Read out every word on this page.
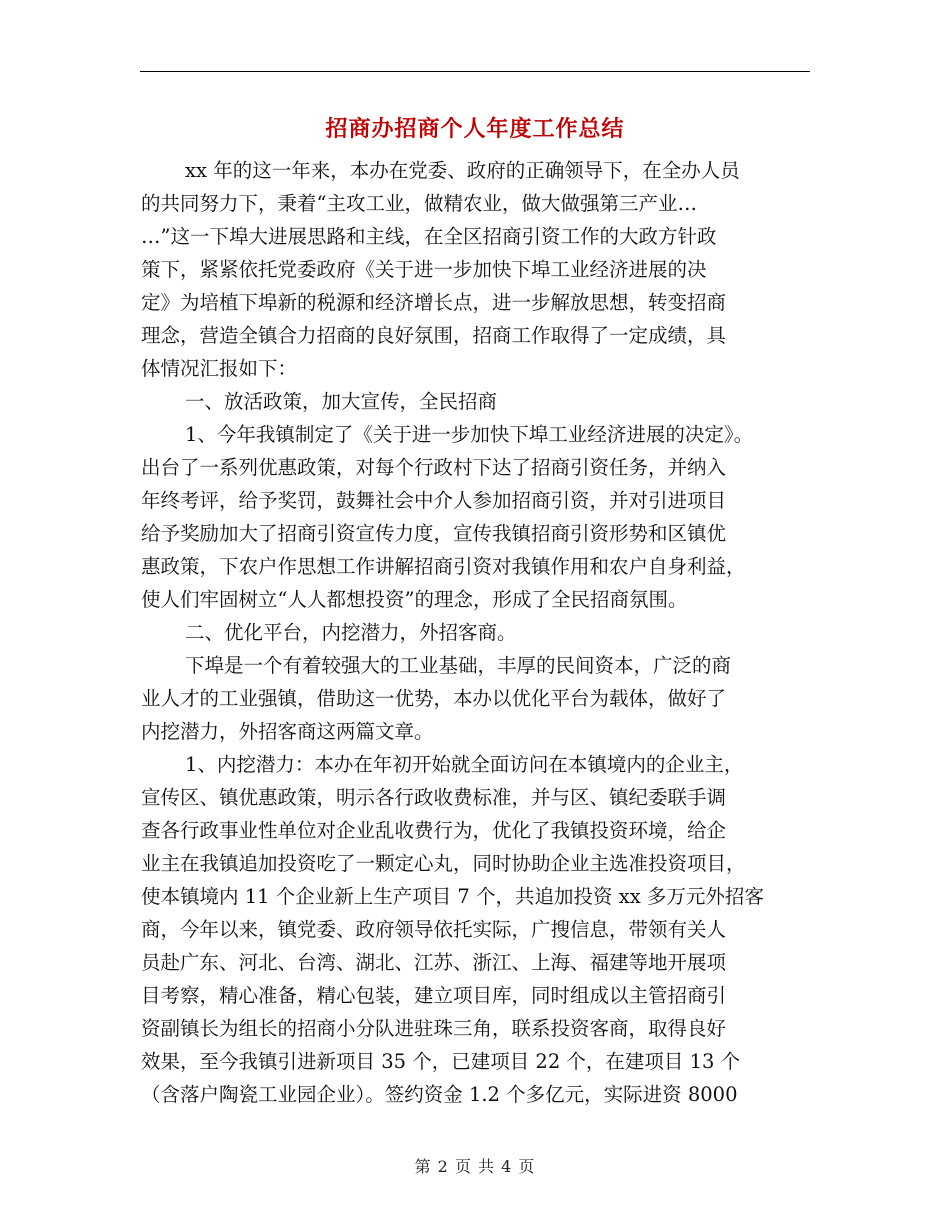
招商办招商个人年度工作总结
xx 年的这一年来，本办在党委、政府的正确领导下，在全办人员
的共同努力下，秉着“主攻工业，做精农业，做大做强第三产业…
…”这一下埠大进展思路和主线，在全区招商引资工作的大政方针政
策下，紧紧依托党委政府《关于进一步加快下埠工业经济进展的决
定》为培植下埠新的税源和经济增长点，进一步解放思想，转变招商
理念，营造全镇合力招商的良好氛围，招商工作取得了一定成绩，具
体情况汇报如下：
一、放活政策，加大宣传，全民招商
1、今年我镇制定了《关于进一步加快下埠工业经济进展的决定》。
出台了一系列优惠政策，对每个行政村下达了招商引资任务，并纳入
年终考评，给予奖罚，鼓舞社会中介人参加招商引资，并对引进项目
给予奖励加大了招商引资宣传力度，宣传我镇招商引资形势和区镇优
惠政策，下农户作思想工作讲解招商引资对我镇作用和农户自身利益，
使人们牢固树立“人人都想投资”的理念，形成了全民招商氛围。
二、优化平台，内挖潜力，外招客商。
下埠是一个有着较强大的工业基础，丰厚的民间资本，广泛的商
业人才的工业强镇，借助这一优势，本办以优化平台为载体，做好了
内挖潜力，外招客商这两篇文章。
1、内挖潜力：本办在年初开始就全面访问在本镇境内的企业主，
宣传区、镇优惠政策，明示各行政收费标准，并与区、镇纪委联手调
查各行政事业性单位对企业乱收费行为，优化了我镇投资环境，给企
业主在我镇追加投资吃了一颗定心丸，同时协助企业主选准投资项目，
使本镇境内 11 个企业新上生产项目 7 个，共追加投资 xx 多万元外招客
商，今年以来，镇党委、政府领导依托实际，广搜信息，带领有关人
员赴广东、河北、台湾、湖北、江苏、浙江、上海、福建等地开展项
目考察，精心准备，精心包装，建立项目库，同时组成以主管招商引
资副镇长为组长的招商小分队进驻珠三角，联系投资客商，取得良好
效果，至今我镇引进新项目 35 个，已建项目 22 个，在建项目 13 个
（含落户陶瓷工业园企业）。签约资金 1.2 个多亿元，实际进资 8000
第 2 页 共 4 页
